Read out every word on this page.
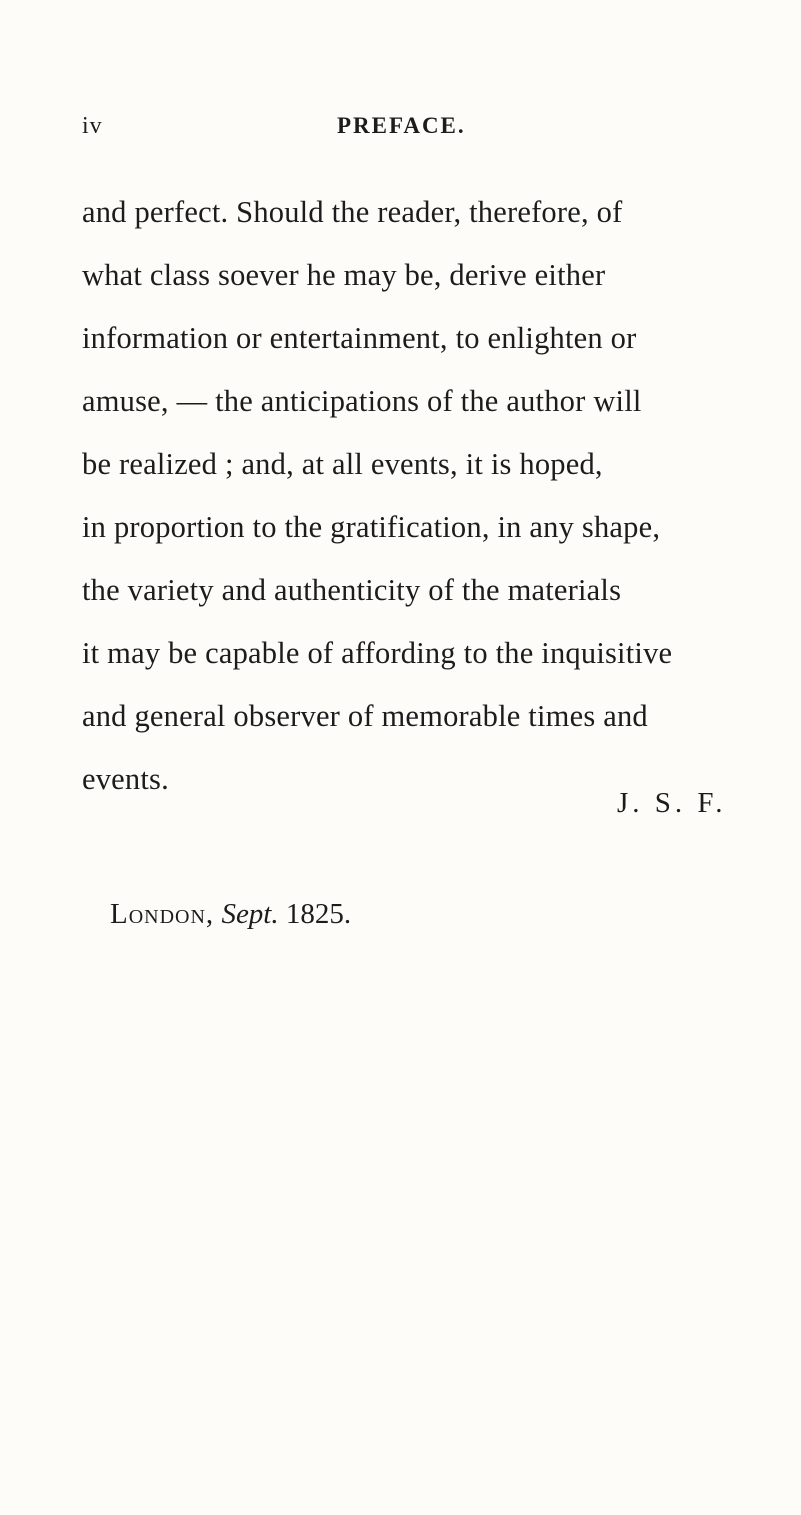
iv	PREFACE.
and perfect. Should the reader, therefore, of
what class soever he may be, derive either
information or entertainment, to enlighten or
amuse, — the anticipations of the author will
be realized ; and, at all events, it is hoped,
in proportion to the gratification, in any shape,
the variety and authenticity of the materials
it may be capable of affording to the inquisitive
and general observer of memorable times and
events.
J. S. F.
London, Sept. 1825.
